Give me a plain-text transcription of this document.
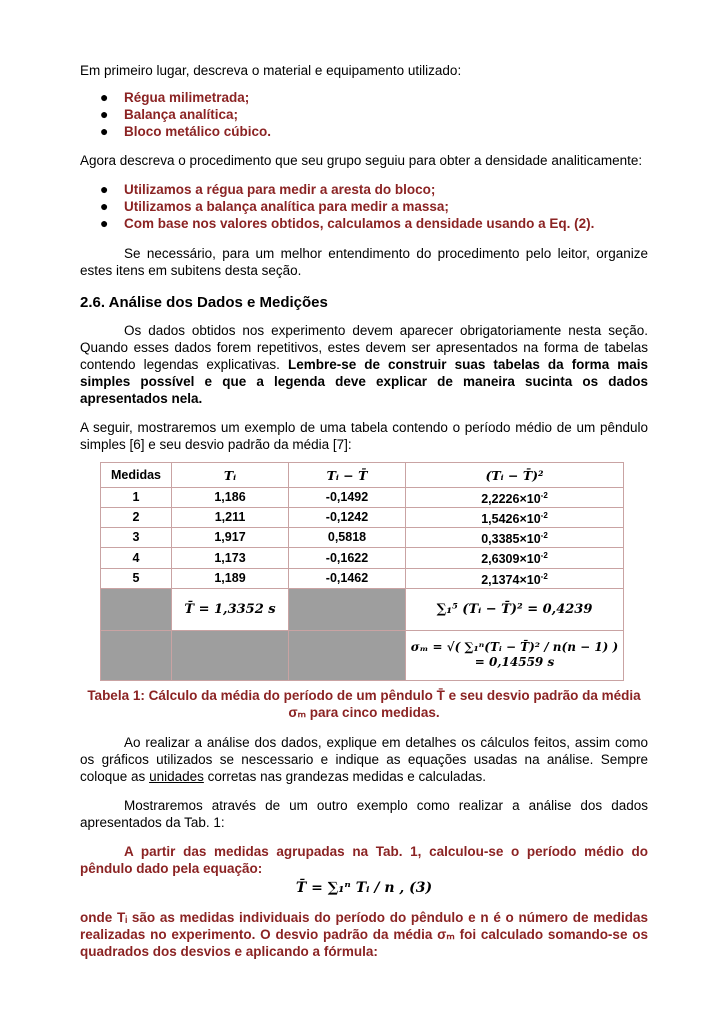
Em primeiro lugar, descreva o material e equipamento utilizado:

● Régua milimetrada;
● Balança analítica;
● Bloco metálico cúbico.

Agora descreva o procedimento que seu grupo seguiu para obter a densidade analiticamente:

● Utilizamos a régua para medir a aresta do bloco;
● Utilizamos a balança analítica para medir a massa;
● Com base nos valores obtidos, calculamos a densidade usando a Eq. (2).

Se necessário, para um melhor entendimento do procedimento pelo leitor, organize estes itens em subitens desta seção.

2.6. Análise dos Dados e Medições

Os dados obtidos nos experimento devem aparecer obrigatoriamente nesta seção. Quando esses dados forem repetitivos, estes devem ser apresentados na forma de tabelas contendo legendas explicativas. Lembre-se de construir suas tabelas da forma mais simples possível e que a legenda deve explicar de maneira sucinta os dados apresentados nela.

A seguir, mostraremos um exemplo de uma tabela contendo o período médio de um pêndulo simples [6] e seu desvio padrão da média [7]:

Medidas	Tᵢ	Tᵢ − T̄	(Tᵢ − T̄)²
1	1,186	-0,1492	$2,2226\times 10^{-2}$
2	1,211	-0,1242	$1,5426\times 10^{-2}$
3	1,917	0,5818	$0,3385\times 10^{-2}$
4	1,173	-0,1622	$2,6309\times 10^{-2}$
5	1,189	-0,1462	$2,1374\times 10^{-2}$
	T̄ = 1,3352 s		∑₁⁵ (Tᵢ − T̄)² = 0,4239
			σₘ = √( ∑₁ⁿ(Tᵢ − T̄)² / n(n − 1) ) = 0,14559 s
Tabela 1: Cálculo da média do período de um pêndulo T̄ e seu desvio padrão da média
σₘ para cinco medidas.

Ao realizar a análise dos dados, explique em detalhes os cálculos feitos, assim como os gráficos utilizados se nescessario e indique as equações usadas na análise. Sempre coloque as unidades corretas nas grandezas medidas e calculadas.

Mostraremos através de um outro exemplo como realizar a análise dos dados apresentados da Tab. 1:

A partir das medidas agrupadas na Tab. 1, calculou-se o período médio do pêndulo dado pela equação:

T̄ = ∑₁ⁿ Tᵢ / n , (3)

onde Tᵢ são as medidas individuais do período do pêndulo e n é o número de medidas realizadas no experimento. O desvio padrão da média σₘ foi calculado somando-se os quadrados dos desvios e aplicando a fórmula:
